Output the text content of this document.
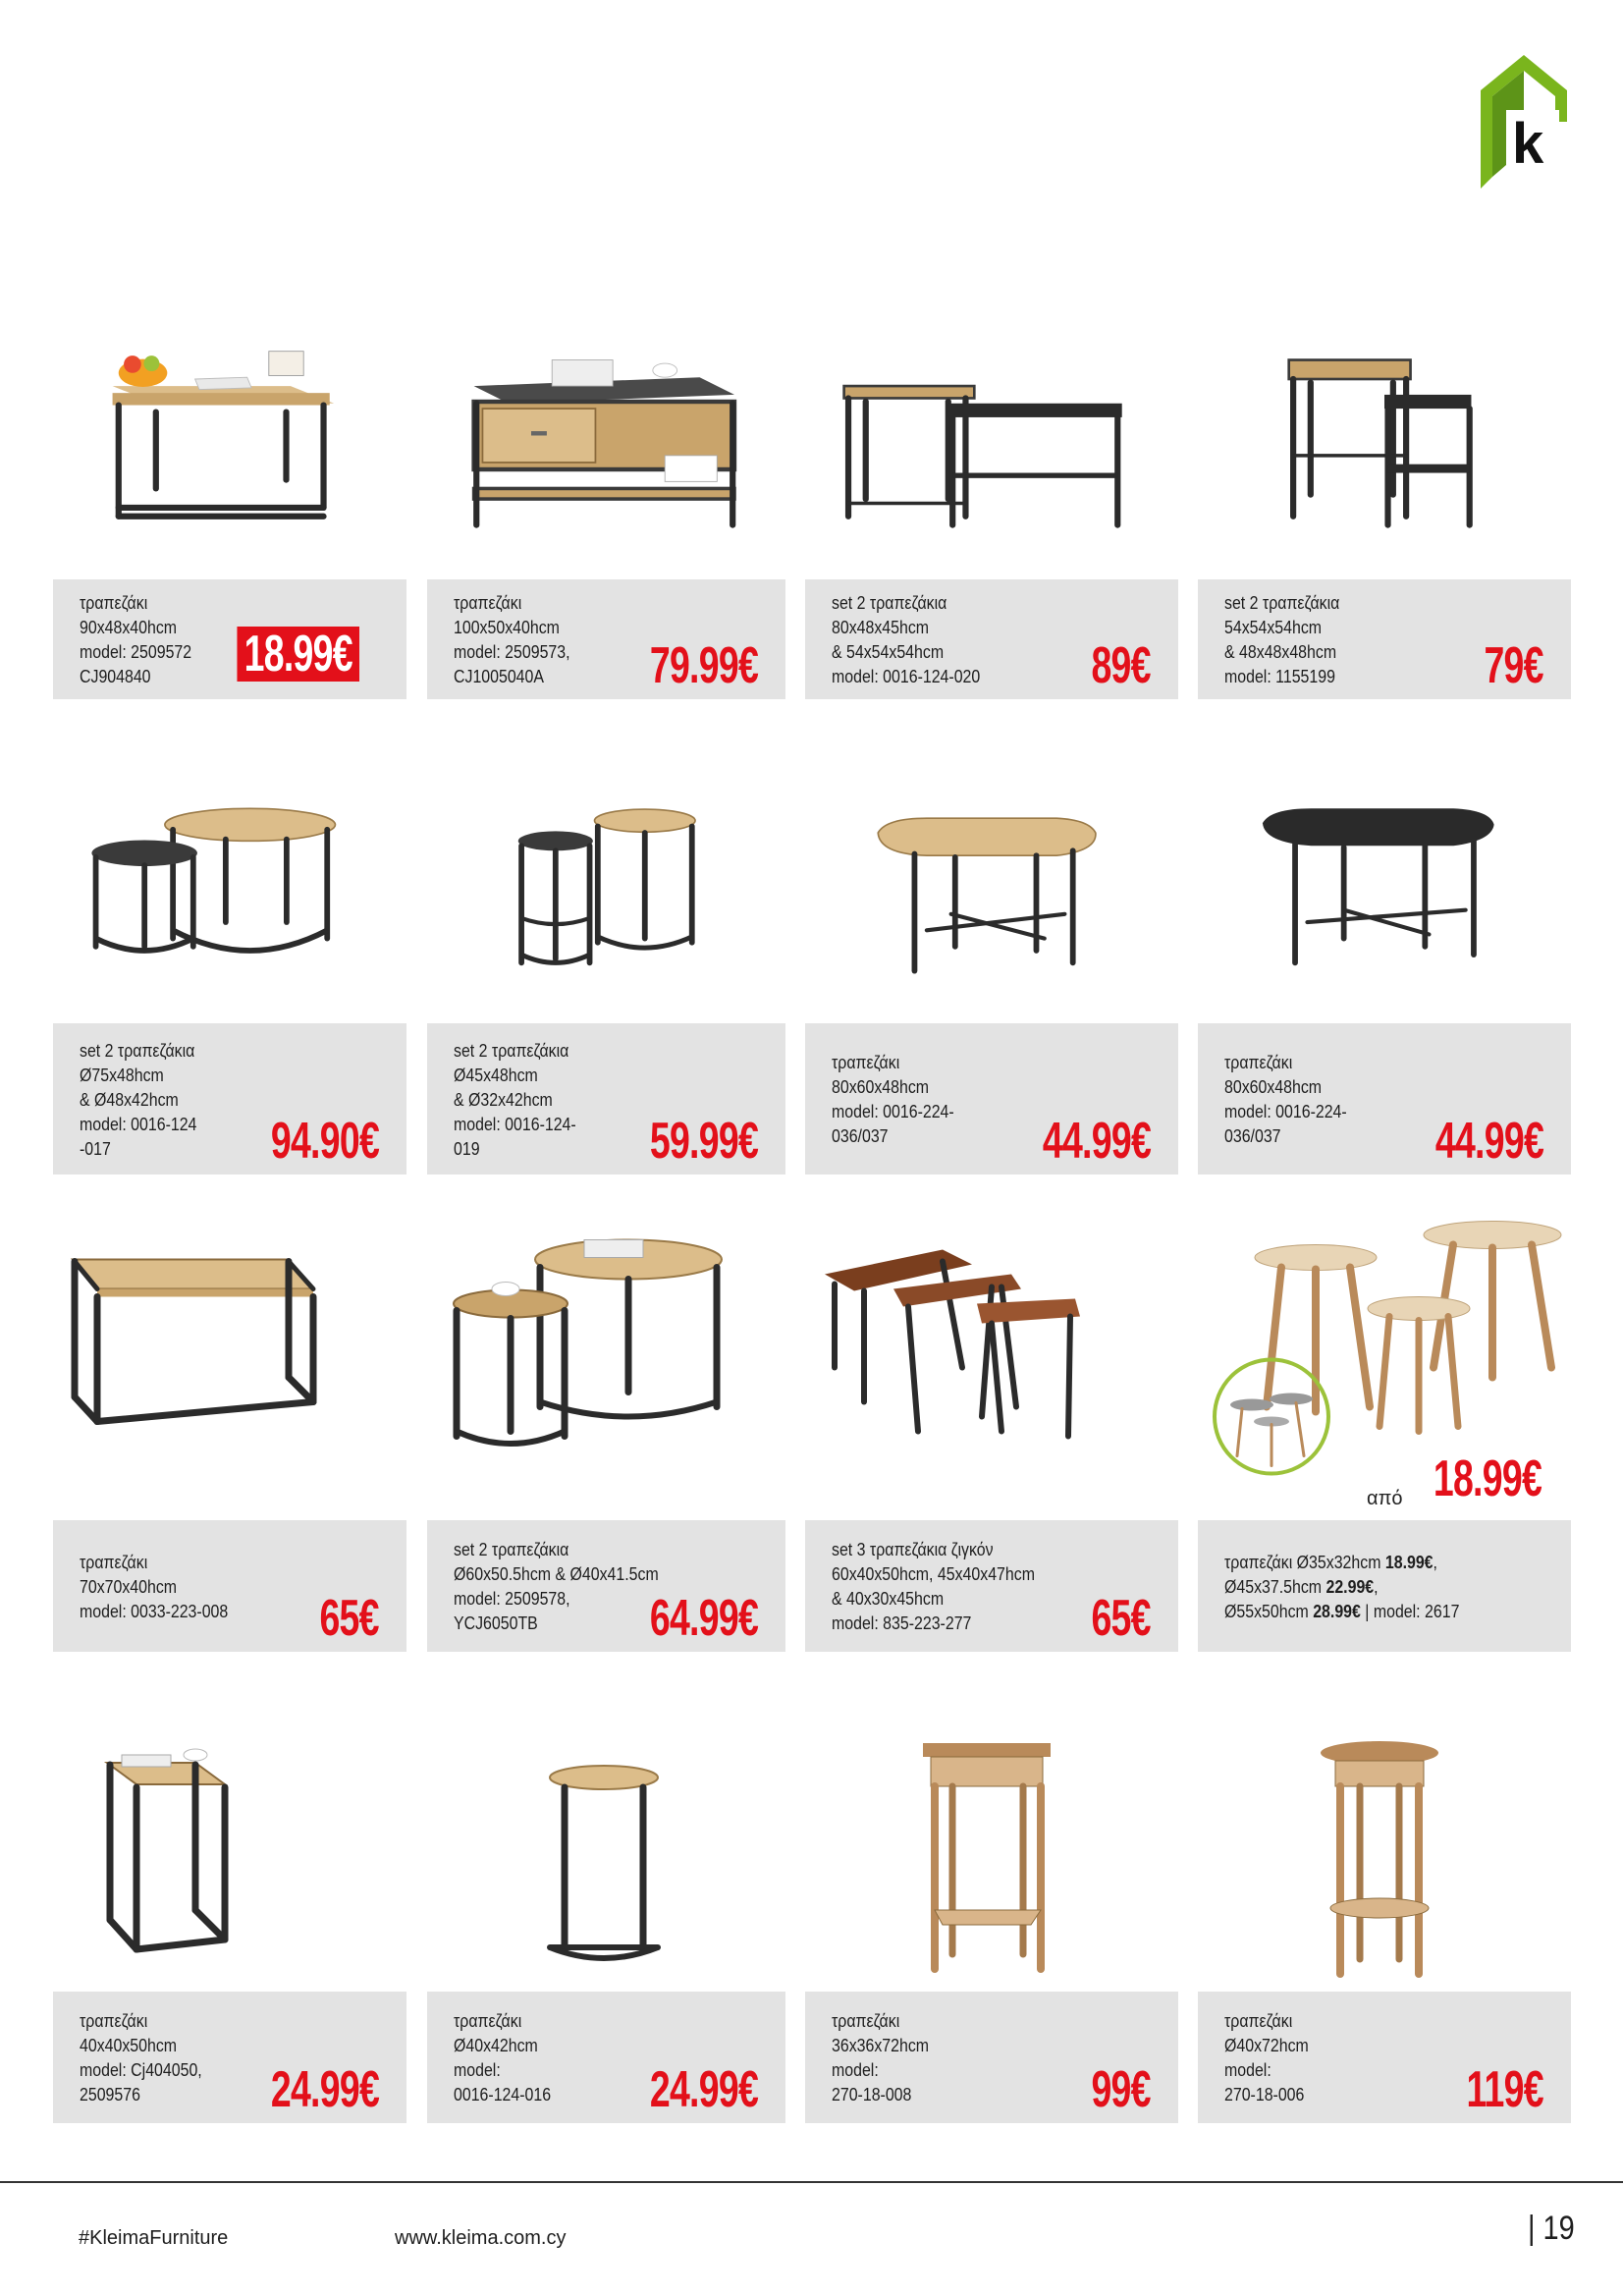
k
τραπεζάκι
90x48x40hcm
model: 2509572
CJ904840	18.99€
τραπεζάκι
100x50x40hcm
model: 2509573,
CJ1005040A	79.99€
set 2 τραπεζάκια
80x48x45hcm
& 54x54x54hcm
model: 0016-124-020 89€
set 2 τραπεζάκια
54x54x54hcm
& 48x48x48hcm
model: 1155199	79€
set 2 τραπεζάκια
Ø75x48hcm
& Ø48x42hcm
model: 0016-124
-017	94.90€
set 2 τραπεζάκια
Ø45x48hcm
& Ø32x42hcm
model: 0016-124-
019	59.99€
τραπεζάκι
80x60x48hcm
model: 0016-224-
036/037	44.99€
τραπεζάκι
80x60x48hcm
model: 0016-224-
036/037	44.99€
τραπεζάκι
70x70x40hcm
model: 0033-223-008 65€
set 2 τραπεζάκια
Ø60x50.5hcm & Ø40x41.5cm
model: 2509578,
YCJ6050TB	64.99€
set 3 τραπεζάκια ζιγκόν
60x40x50hcm, 45x40x47hcm
& 40x30x45hcm
model: 835-223-277	65€
18.99€
από
τραπεζάκι Ø35x32hcm 18.99€,
Ø45x37.5hcm 22.99€,
Ø55x50hcm 28.99€ | model: 2617
τραπεζάκι
40x40x50hcm
model: Cj404050,
2509576	24.99€
τραπεζάκι
Ø40x42hcm
model:
0016-124-016 24.99€
τραπεζάκι
36x36x72hcm
model:
270-18-008	99€
τραπεζάκι
Ø40x72hcm
model:
270-18-006	119€
#KleimaFurniture	www.kleima.com.cy	| 19
